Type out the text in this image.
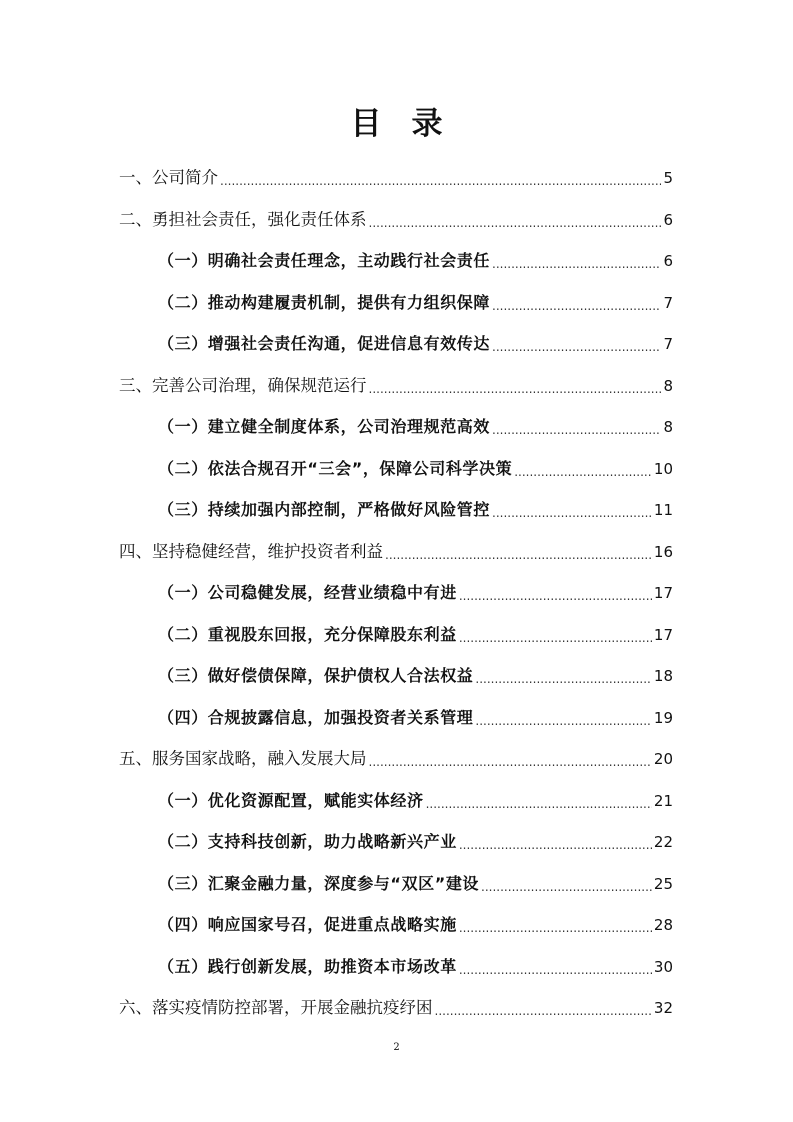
目 录
一、公司简介 .....	5
二、勇担社会责任，强化责任体系 .....	6
（一）明确社会责任理念，主动践行社会责任 .....	6
（二）推动构建履责机制，提供有力组织保障 .....	7
（三）增强社会责任沟通，促进信息有效传达 .....	7
三、完善公司治理，确保规范运行 .....	8
（一）建立健全制度体系，公司治理规范高效 .....	8
（二）依法合规召开“三会”，保障公司科学决策 .....	10
（三）持续加强内部控制，严格做好风险管控 .....	11
四、坚持稳健经营，维护投资者利益 .....	16
（一）公司稳健发展，经营业绩稳中有进 .....	17
（二）重视股东回报，充分保障股东利益 .....	17
（三）做好偿债保障，保护债权人合法权益 .....	18
（四）合规披露信息，加强投资者关系管理 .....	19
五、服务国家战略，融入发展大局 .....	20
（一）优化资源配置，赋能实体经济 .....	21
（二）支持科技创新，助力战略新兴产业 .....	22
（三）汇聚金融力量，深度参与“双区”建设 .....	25
（四）响应国家号召，促进重点战略实施 .....	28
（五）践行创新发展，助推资本市场改革 .....	30
六、落实疫情防控部署，开展金融抗疫纾困 .....	32
2
